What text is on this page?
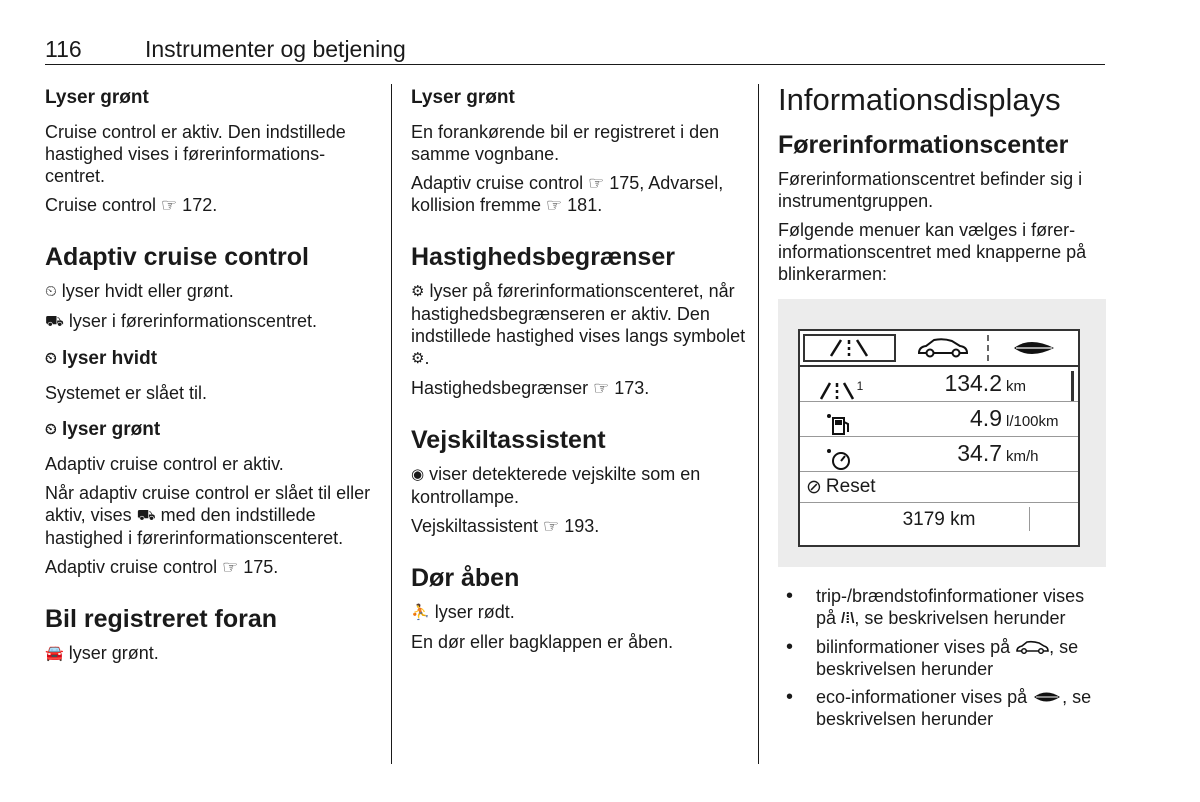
116	Instrumenter og betjening
Lyser grønt

Cruise control er aktiv. Den indstillede hastighed vises i førerinformationscentret.

Cruise control ☞ 172.

Adaptiv cruise control

⏲ lyser hvidt eller grønt.

⛟ lyser i førerinformationscentret.

⏲ lyser hvidt

Systemet er slået til.

⏲ lyser grønt

Adaptiv cruise control er aktiv.

Når adaptiv cruise control er slået til eller aktiv, vises ⛟ med den indstillede hastighed i førerinformationscenteret.

Adaptiv cruise control ☞ 175.

Bil registreret foran

🚘 lyser grønt.

Lyser grønt

En forankørende bil er registreret i den samme vognbane.

Adaptiv cruise control ☞ 175, Advarsel, kollision fremme ☞ 181.

Hastighedsbegrænser

⚙ lyser på førerinformationscenteret, når hastighedsbegrænseren er aktiv. Den indstillede hastighed vises langs symbolet ⚙.

Hastighedsbegrænser ☞ 173.

Vejskiltassistent

◉ viser detekterede vejskilte som en kontrollampe.

Vejskiltassistent ☞ 193.

Dør åben

⛹ lyser rødt.

En dør eller bagklappen er åben.

Informationsdisplays
Førerinformationscenter

Førerinformationscentret befinder sig i instrumentgruppen.

Følgende menuer kan vælges i førerinformationscentret med knapperne på blinkerarmen:

1	134.2 km
4.9 l/100km
34.7 km/h
⊘ Reset
3179 km
• trip-/brændstofinformationer vises på /⁞\, se beskrivelsen herunder
• bilinformationer vises på , se beskrivelsen herunder
• eco-informationer vises på , se beskrivelsen herunder
